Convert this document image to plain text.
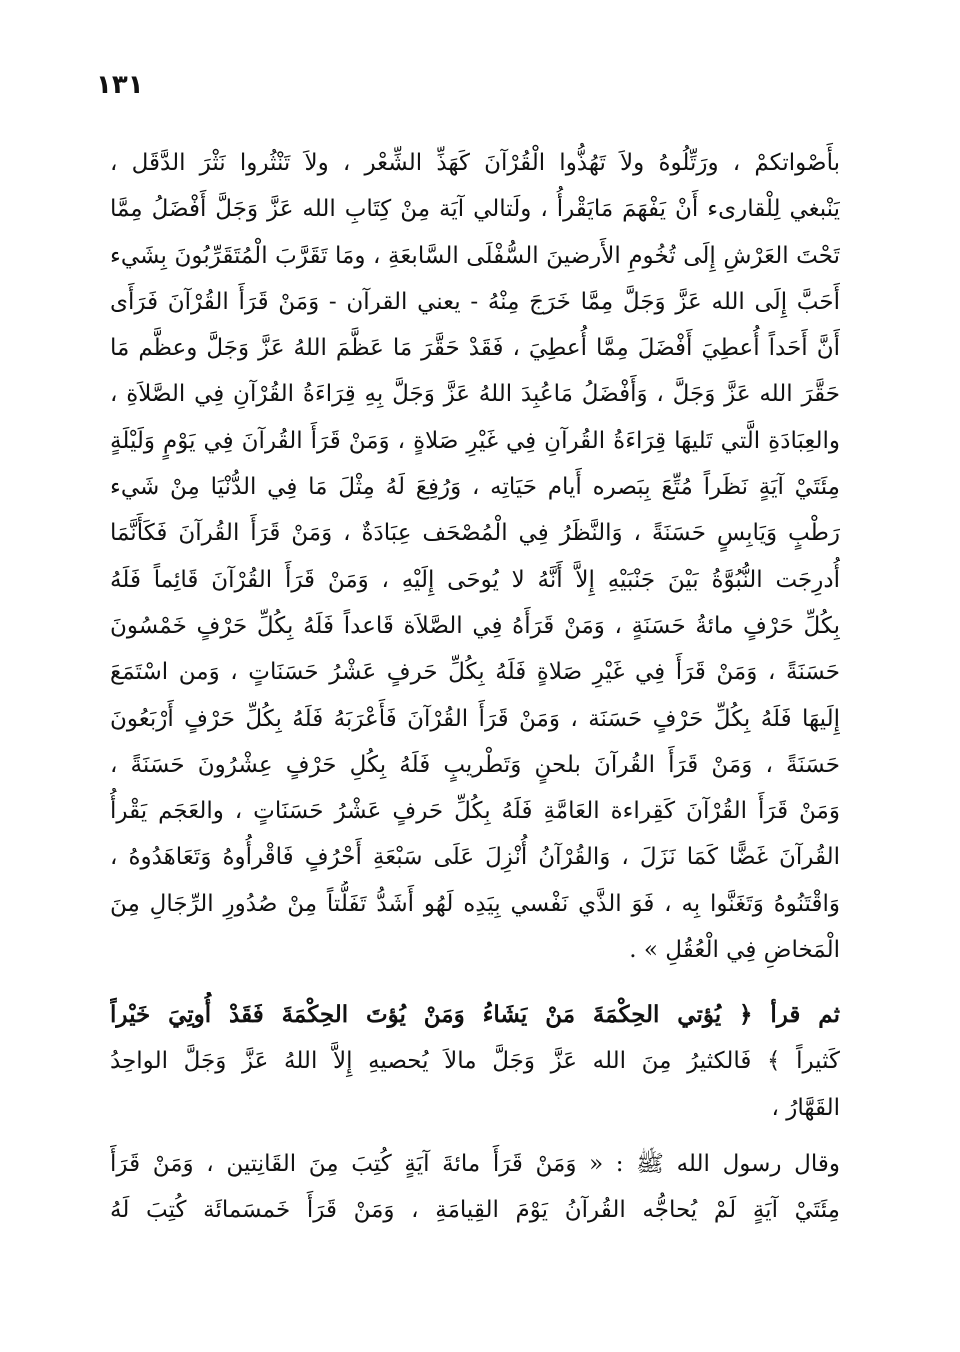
١٣١
بأَصْواتكمْ ، ورَتِّلُوهُ ولاَ تَهُذُّوا الْقُرْآنَ كَهَذِّ الشِّعْر ، ولاَ تَنْثُروا نَثْرَ الدَّقَل ،
يَنْبغي لِلْقارىء أَنْ يَفْهَمَ مَايَقْرأُ ، ولَتالي آيَة مِنْ كِتَابِ الله عَزَّ وَجَلَّ أَفْضَلُ مِمَّا
تَحْتَ العَرْشِ إِلَى تُخُومِ الأَرضينَ السُّفْلَى السَّابعَةِ ، ومَا تَقَرَّبَ الْمُتَقَرِّبُونَ بِشَيء
أَحَبَّ إِلَى الله عَزَّ وَجَلَّ مِمَّا خَرَجَ مِنْهُ - يعني القرآن - وَمَنْ قَرَأَ القُرْآنَ فَرَأَى
أَنَّ أَحَداً أُعطِيَ أَفْضَلَ مِمَّا أُعطِيَ ، فَقَدْ حَقَّرَ مَا عَظَّمَ اللهُ عَزَّ وَجَلَّ وعظَّم مَا
حَقَّرَ الله عَزَّ وَجَلَّ ، وَأَفْضَلُ مَاعُبِدَ اللهُ عَزَّ وَجَلَّ بِهِ قِرَاءَةُ القُرْآنِ فِي الصَّلاَةِ ،
والعِبَادَةِ الَّتي تَليهَا قِرَاءَةُ القُرآنِ فِي غَيْرِ صَلاةٍ ، وَمَنْ قَرَأَ القُرآنَ فِي يَوْمٍ وَلَيْلَةٍ
مِئَتَيْ آيَةٍ نَظَراً مُتِّعَ بِبَصره أَيام حَيَاتِه ، وَرُفِعَ لَهُ مِثْلَ مَا فِي الدُّنْيَا مِنْ شَيء
رَطْبٍ وَيَابِسٍ حَسَنَةً ، وَالنَّظَرُ فِي الْمُصْحَف عِبَادَةٌ ، وَمَنْ قَرَأَ القُرآنَ فَكَأَنَّمَا
أُدرِجَت النُّبُوَّةُ بَيْنَ جَنْبَيْهِ إِلاَّ أَنَّهُ لا يُوحَى إِلَيْهِ ، وَمَنْ قَرَأَ القُرْآنَ قَائِماً فَلَهُ
بِكُلِّ حَرْفٍ مائةُ حَسَنَةٍ ، وَمَنْ قَرَأَهُ فِي الصَّلاَة قَاعداً فَلَهُ بِكُلِّ حَرْفٍ خَمْسُونَ
حَسَنَةً ، وَمَنْ قَرَأَ فِي غَيْرِ صَلاةٍ فَلَهُ بِكُلِّ حَرفٍ عَشْرُ حَسَنَاتٍ ، وَمن اسْتَمَعَ
إِلَيهَا فَلَهُ بِكُلِّ حَرْفٍ حَسَنَة ، وَمَنْ قَرَأَ القُرْآنَ فَأَعْرَبَهُ فَلَهُ بِكُلِّ حَرْفٍ أَرْبَعُونَ
حَسَنَةً ، وَمَنْ قَرَأَ القُرآنَ بلحنٍ وَتَطْريبٍ فَلَهُ بِكُلِ حَرْفٍ عِشْرُونَ حَسَنَةً ،
وَمَنْ قَرَأَ القُرْآنَ كَقِراءة العَامَّةِ فَلَهُ بِكُلِّ حَرفٍ عَشْرُ حَسَنَاتٍ ، والعَجَم يَقْرأُ
القُرآنَ غَضًّا كَمَا نَزَلَ ، وَالقُرْآنُ أُنْزِلَ عَلَى سَبْعَةِ أَحْرُفٍ فَاقْرأُوهُ وَتَعَاهَدُوهُ ،
وَاقْتَنُوهُ وَتَغَنَّوا بِه ، فَوَ الذَّي نَفْسي بِيَدِه لَهُو أَشَدُّ تَفَلُّتاً مِنْ صُدُورِ الرِّجَالِ مِنَ
الْمَخاضِ فِي الْعُقُلِ » .
ثم قرأ ﴿ يُؤتي الحِكْمَةَ مَنْ يَشَاءُ وَمَنْ يُؤتَ الحِكْمَةَ فَقَدْ أُوتِيَ خَيْراً
كَثيراً ﴾ فَالكثيرُ مِنَ الله عَزَّ وَجَلَّ مالاَ يُحصيهِ إِلاَّ اللهُ عَزَّ وَجَلَّ الواحِدُ
القَهَّارُ ،
وقال رسول الله ﷺ : « وَمَنْ قَرَأَ مائةَ آيَةٍ كُتِبَ مِنَ القَانِتين ، وَمَنْ قَرَأَ
مِئَتَيْ آيَةٍ لَمْ يُحاجُّه القُرآنُ يَوْمَ القِيامَةِ ، وَمَنْ قَرَأَ خَمسَمائَة كُتِبَ لَهُ
